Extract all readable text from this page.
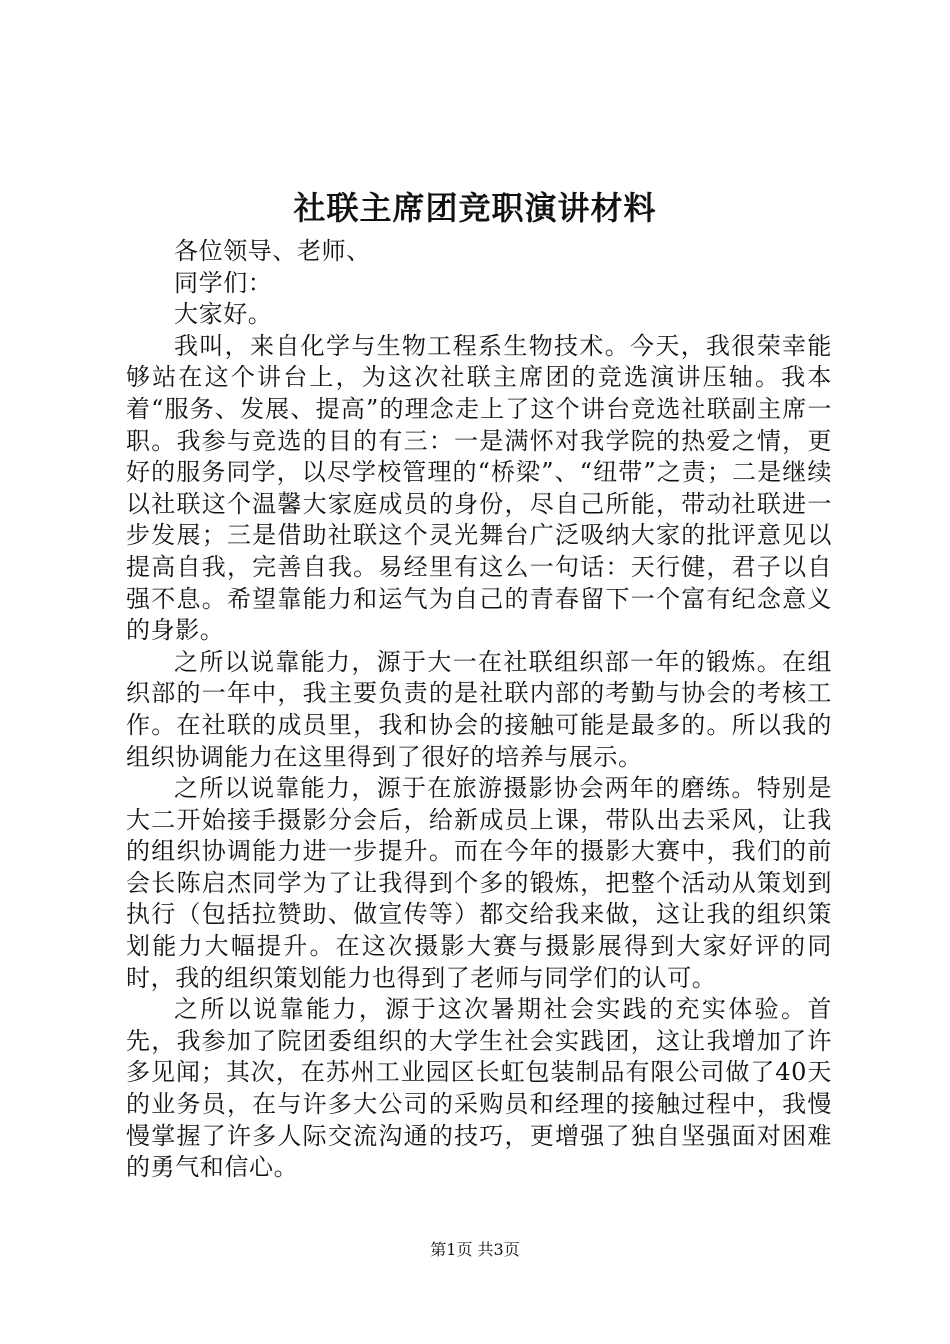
社联主席团竞职演讲材料

各位领导、老师、

同学们：

大家好。

我叫，来自化学与生物工程系生物技术。今天，我很荣幸能够站在这个讲台上，为这次社联主席团的竞选演讲压轴。我本着“服务、发展、提高”的理念走上了这个讲台竞选社联副主席一职。我参与竞选的目的有三：一是满怀对我学院的热爱之情，更好的服务同学，以尽学校管理的“桥梁”、“纽带”之责；二是继续以社联这个温馨大家庭成员的身份，尽自己所能，带动社联进一步发展；三是借助社联这个灵光舞台广泛吸纳大家的批评意见以提高自我，完善自我。易经里有这么一句话：天行健，君子以自强不息。希望靠能力和运气为自己的青春留下一个富有纪念意义的身影。

之所以说靠能力，源于大一在社联组织部一年的锻炼。在组织部的一年中，我主要负责的是社联内部的考勤与协会的考核工作。在社联的成员里，我和协会的接触可能是最多的。所以我的组织协调能力在这里得到了很好的培养与展示。

之所以说靠能力，源于在旅游摄影协会两年的磨练。特别是大二开始接手摄影分会后，给新成员上课，带队出去采风，让我的组织协调能力进一步提升。而在今年的摄影大赛中，我们的前会长陈启杰同学为了让我得到个多的锻炼，把整个活动从策划到执行（包括拉赞助、做宣传等）都交给我来做，这让我的组织策划能力大幅提升。在这次摄影大赛与摄影展得到大家好评的同时，我的组织策划能力也得到了老师与同学们的认可。

之所以说靠能力，源于这次暑期社会实践的充实体验。首先，我参加了院团委组织的大学生社会实践团，这让我增加了许多见闻；其次，在苏州工业园区长虹包装制品有限公司做了40天的业务员，在与许多大公司的采购员和经理的接触过程中，我慢慢掌握了许多人际交流沟通的技巧，更增强了独自坚强面对困难的勇气和信心。

第1页 共3页
